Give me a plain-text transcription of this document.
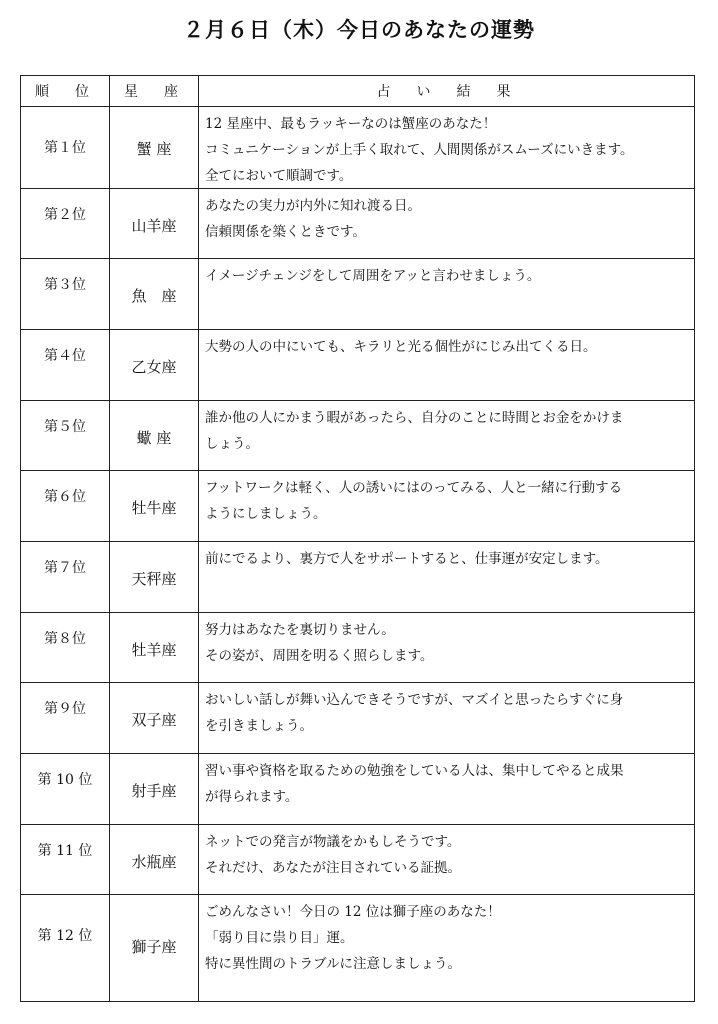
２月６日（木）今日のあなたの運勢
順　位	星　座	占　い　結　果

第１位	蟹 座	12 星座中、最もラッキーなのは蟹座のあなた！
コミュニケーションが上手く取れて、人間関係がスムーズにいきます。
全てにおいて順調です。

第２位	山羊座	あなたの実力が内外に知れ渡る日。
信頼関係を築くときです。

第３位	魚　座	イメージチェンジをして周囲をアッと言わせましょう。

第４位	乙女座	大勢の人の中にいても、キラリと光る個性がにじみ出てくる日。

第５位	蠍 座	誰か他の人にかまう暇があったら、自分のことに時間とお金をかけま
しょう。

第６位	牡牛座	フットワークは軽く、人の誘いにはのってみる、人と一緒に行動する
ようにしましょう。

第７位	天秤座	前にでるより、裏方で人をサポートすると、仕事運が安定します。

第８位	牡羊座	努力はあなたを裏切りません。
その姿が、周囲を明るく照らします。

第９位	双子座	おいしい話しが舞い込んできそうですが、マズイと思ったらすぐに身
を引きましょう。

第 10 位	射手座	習い事や資格を取るための勉強をしている人は、集中してやると成果
が得られます。

第 11 位	水瓶座	ネットでの発言が物議をかもしそうです。
それだけ、あなたが注目されている証拠。

第 12 位	獅子座	ごめんなさい！今日の 12 位は獅子座のあなた！
「弱り目に祟り目」運。
特に異性間のトラブルに注意しましょう。
